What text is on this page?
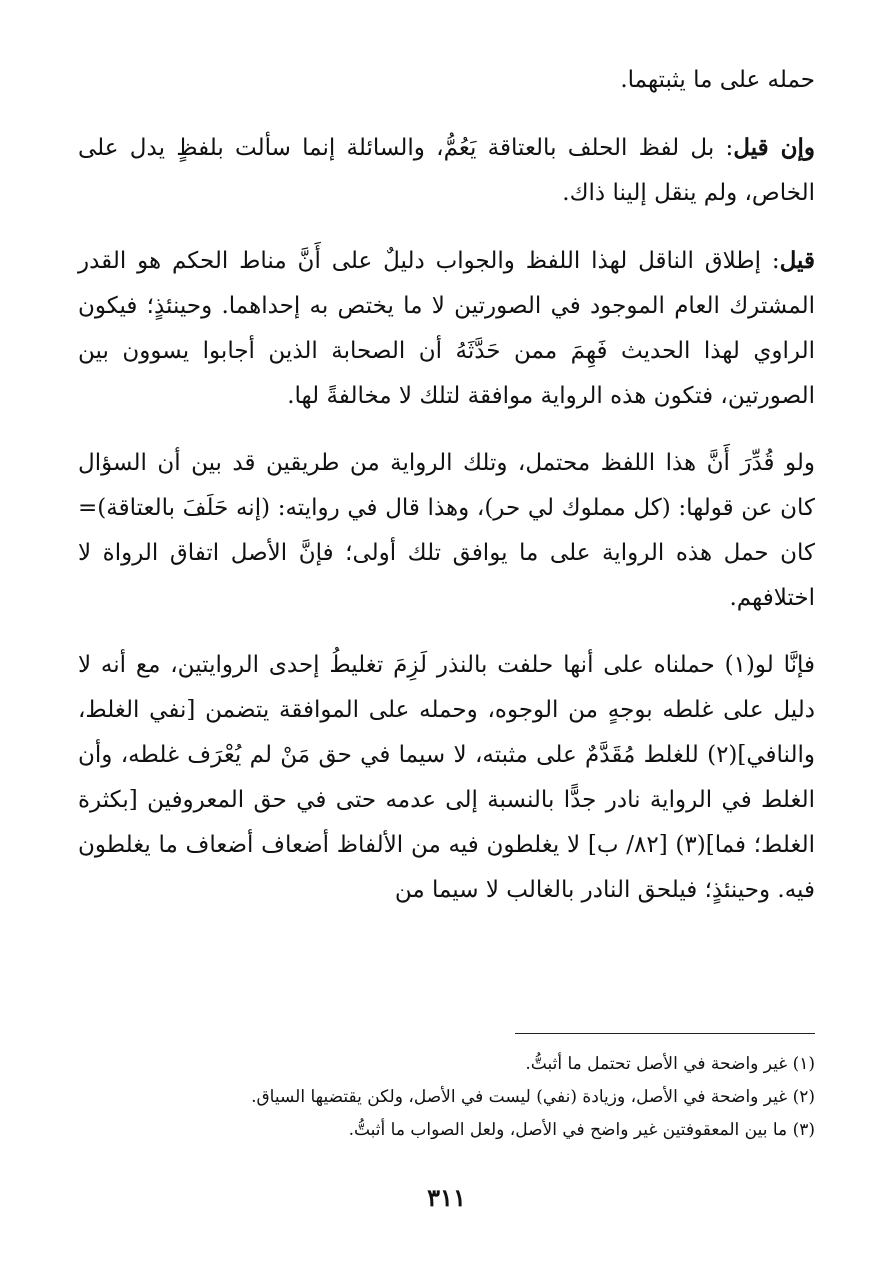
حمله على ما يثبتهما.

وإن قيل: بل لفظ الحلف بالعتاقة يَعُمُّ، والسائلة إنما سألت بلفظٍ يدل على الخاص، ولم ينقل إلينا ذاك.

قيل: إطلاق الناقل لهذا اللفظ والجواب دليلٌ على أَنَّ مناط الحكم هو القدر المشترك العام الموجود في الصورتين لا ما يختص به إحداهما. وحينئذٍ؛ فيكون الراوي لهذا الحديث فَهِمَ ممن حَدَّثَهُ أن الصحابة الذين أجابوا يسوون بين الصورتين، فتكون هذه الرواية موافقة لتلك لا مخالفةً لها.

ولو قُدِّرَ أَنَّ هذا اللفظ محتمل، وتلك الرواية من طريقين قد بين أن السؤال كان عن قولها: (كل مملوك لي حر)، وهذا قال في روايته: (إنه حَلَفَ بالعتاقة)= كان حمل هذه الرواية على ما يوافق تلك أولى؛ فإنَّ الأصل اتفاق الرواة لا اختلافهم.

فإنَّا لو(١) حملناه على أنها حلفت بالنذر لَزِمَ تغليطُ إحدى الروايتين، مع أنه لا دليل على غلطه بوجهٍ من الوجوه، وحمله على الموافقة يتضمن [نفي الغلط، والنافي](٢) للغلط مُقَدَّمٌ على مثبته، لا سيما في حق مَنْ لم يُعْرَف غلطه، وأن الغلط في الرواية نادر جدًّا بالنسبة إلى عدمه حتى في حق المعروفين [بكثرة الغلط؛ فما](٣) [٨٢/ ب] لا يغلطون فيه من الألفاظ أضعاف أضعاف ما يغلطون فيه. وحينئذٍ؛ فيلحق النادر بالغالب لا سيما من

(١) غير واضحة في الأصل تحتمل ما أثبتُّ.
(٢) غير واضحة في الأصل، وزيادة (نفي) ليست في الأصل، ولكن يقتضيها السياق.
(٣) ما بين المعقوفتين غير واضح في الأصل، ولعل الصواب ما أثبتُّ.
٣١١
